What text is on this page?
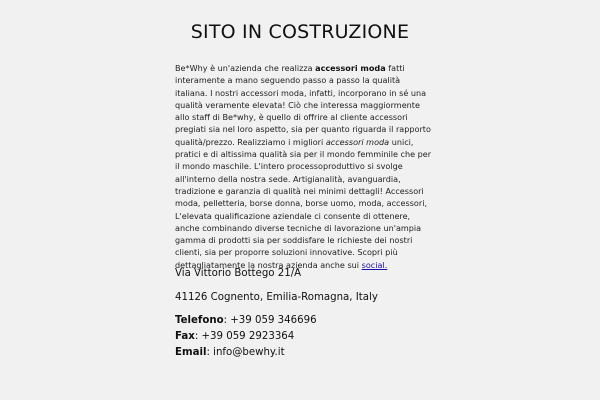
SITO IN COSTRUZIONE

Be*Why è un'azienda che realizza accessori moda fatti interamente a mano seguendo passo a passo la qualità italiana. I nostri accessori moda, infatti, incorporano in sé una qualità veramente elevata! Ciò che interessa maggiormente allo staff di Be*why, è quello di offrire al cliente accessori pregiati sia nel loro aspetto, sia per quanto riguarda il rapporto qualità/prezzo. Realizziamo i migliori accessori moda unici, pratici e di altissima qualità sia per il mondo femminile che per il mondo maschile. L'intero processoproduttivo si svolge all'interno della nostra sede. Artigianalità, avanguardia, tradizione e garanzia di qualità nei minimi dettagli! Accessori moda, pelletteria, borse donna, borse uomo, moda, accessori, L'elevata qualificazione aziendale ci consente di ottenere, anche combinando diverse tecniche di lavorazione un'ampia gamma di prodotti sia per soddisfare le richieste dei nostri clienti, sia per proporre soluzioni innovative. Scopri più dettagliatamente la nostra azienda anche sui social.

Via Vittorio Bottego 21/A

41126 Cognento, Emilia-Romagna, Italy

Telefono: +39 059 346696

Fax: +39 059 2923364

Email: info@bewhy.it
